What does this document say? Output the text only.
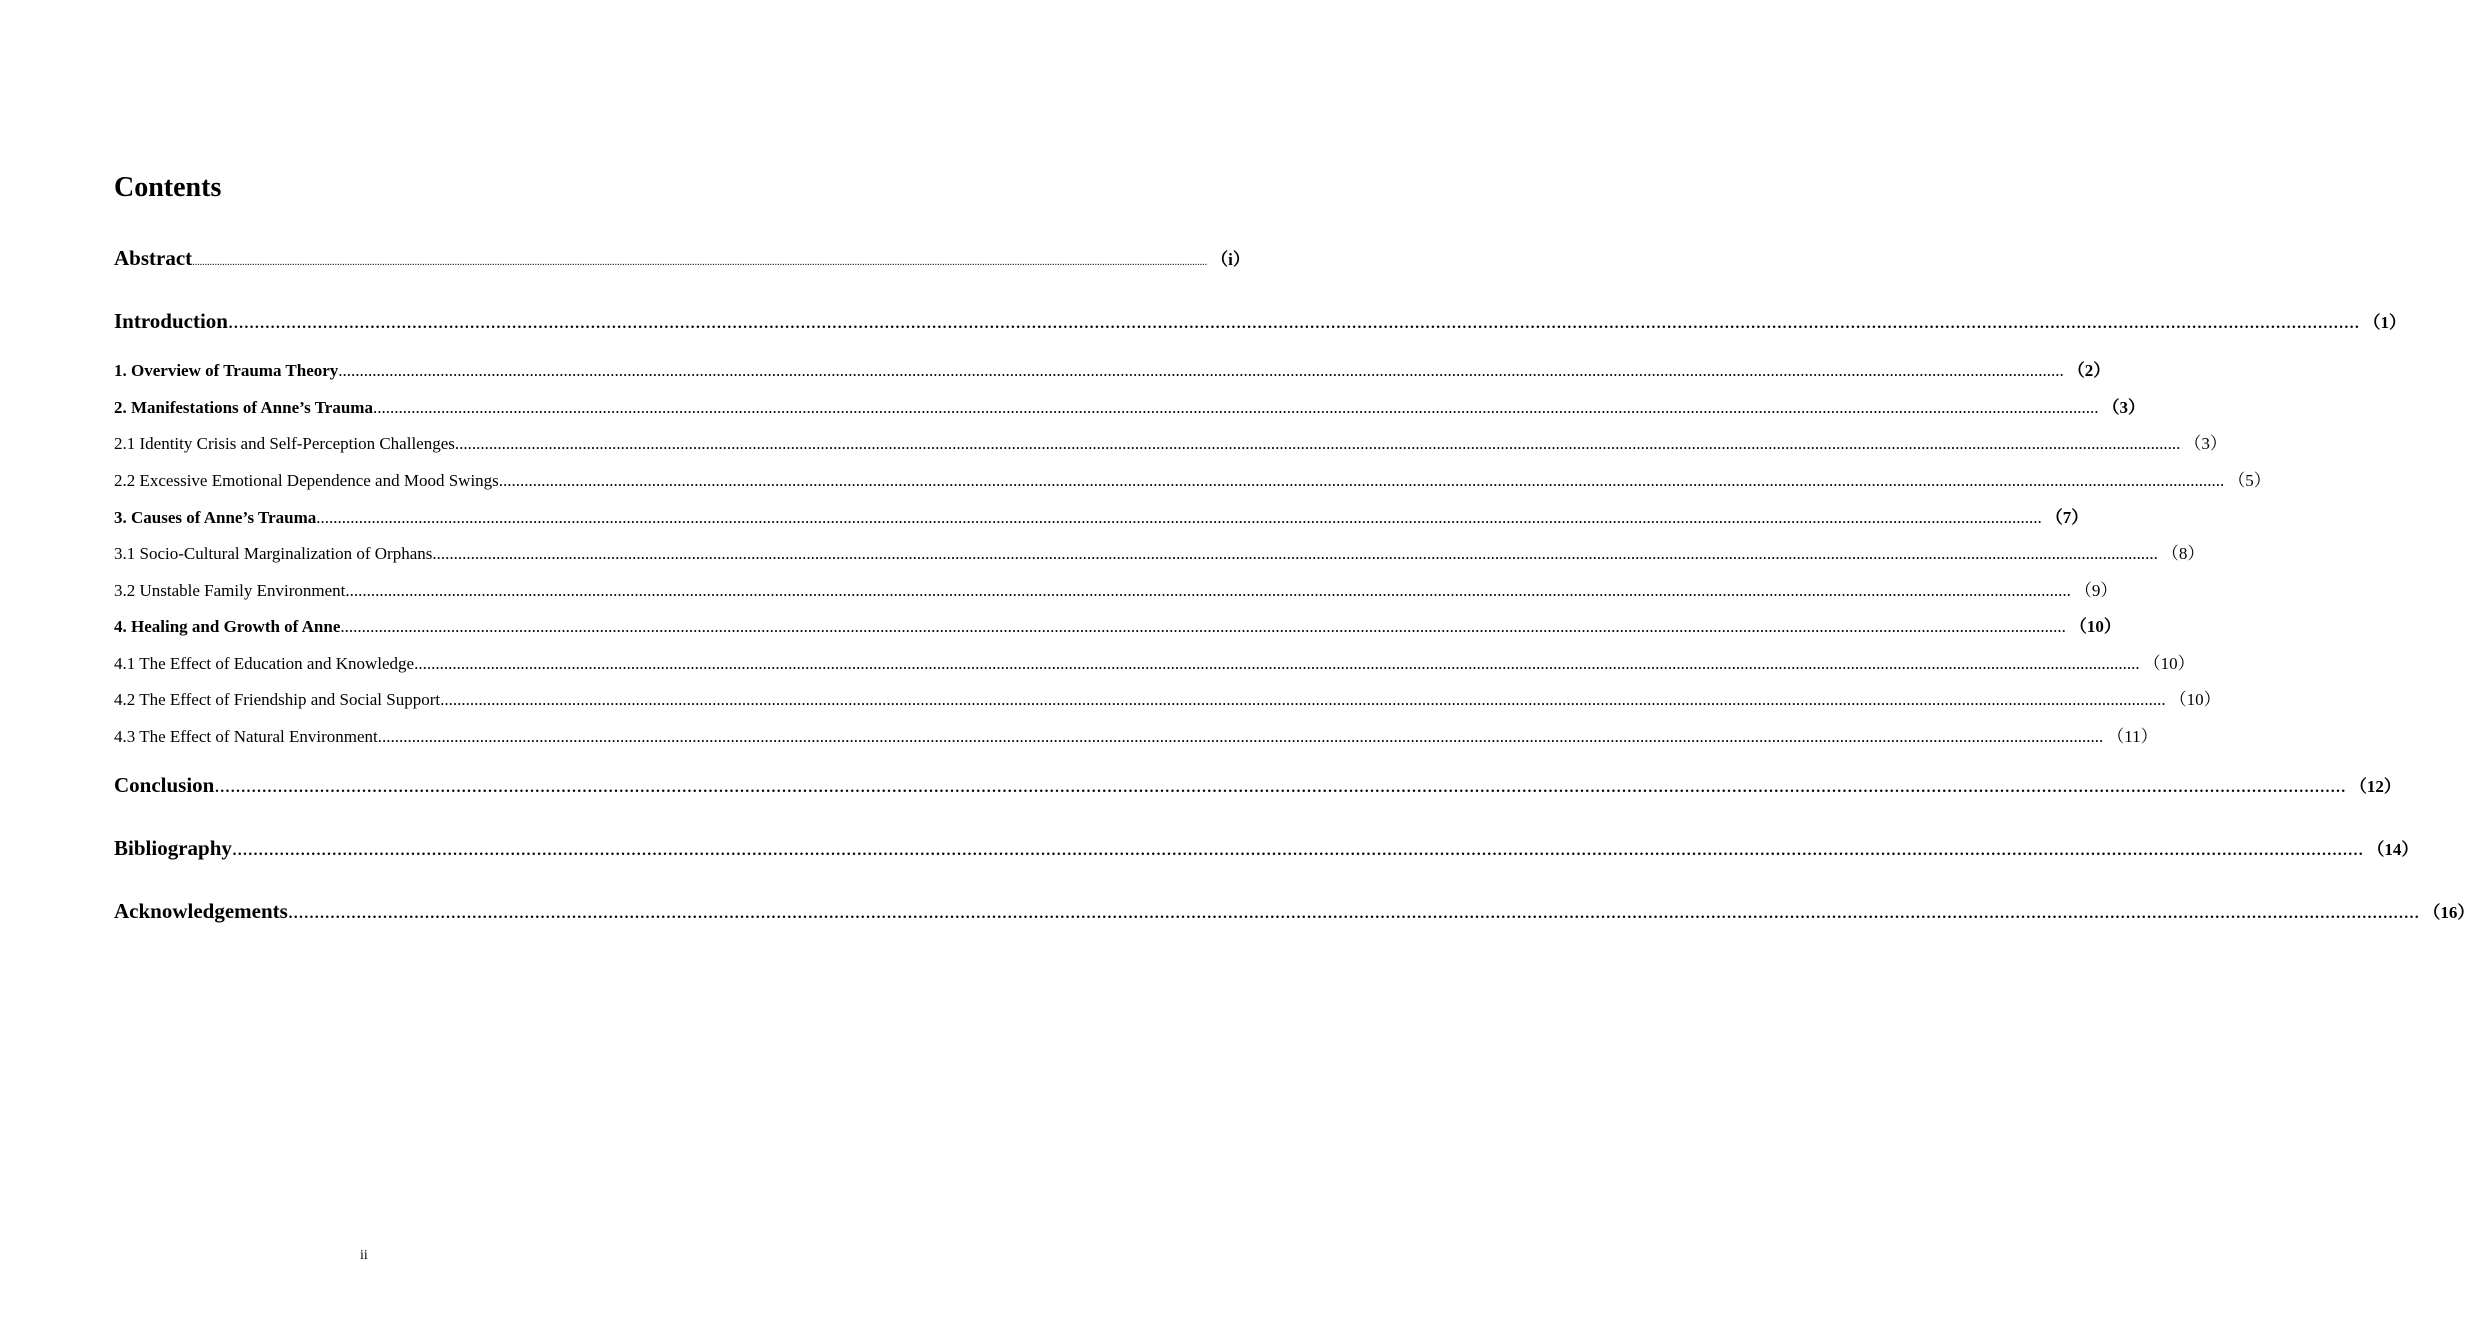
Contents
Abstract ...................................................................................................................................................................................................................................................................................................................................................................................................................... （i）
Introduction ...................................................................................................................................................................................................................................................................................................................................................................................................................... （1）
1. Overview of Trauma Theory ...................................................................................................................................................................................................................................................................................................................................................................................................................... （2）
2. Manifestations of Anne’s Trauma ...................................................................................................................................................................................................................................................................................................................................................................................................................... （3）
2.1 Identity Crisis and Self-Perception Challenges ...................................................................................................................................................................................................................................................................................................................................................................................................................... （3）
2.2 Excessive Emotional Dependence and Mood Swings ...................................................................................................................................................................................................................................................................................................................................................................................................................... （5）
3. Causes of Anne’s Trauma ...................................................................................................................................................................................................................................................................................................................................................................................................................... （7）
3.1 Socio-Cultural Marginalization of Orphans ...................................................................................................................................................................................................................................................................................................................................................................................................................... （8）
3.2 Unstable Family Environment ...................................................................................................................................................................................................................................................................................................................................................................................................................... （9）
4. Healing and Growth of Anne ...................................................................................................................................................................................................................................................................................................................................................................................................................... （10）
4.1 The Effect of Education and Knowledge ...................................................................................................................................................................................................................................................................................................................................................................................................................... （10）
4.2 The Effect of Friendship and Social Support ...................................................................................................................................................................................................................................................................................................................................................................................................................... （10）
4.3 The Effect of Natural Environment ...................................................................................................................................................................................................................................................................................................................................................................................................................... （11）
Conclusion ...................................................................................................................................................................................................................................................................................................................................................................................................................... （12）
Bibliography ...................................................................................................................................................................................................................................................................................................................................................................................................................... （14）
Acknowledgements ...................................................................................................................................................................................................................................................................................................................................................................................................................... （16）
ii
